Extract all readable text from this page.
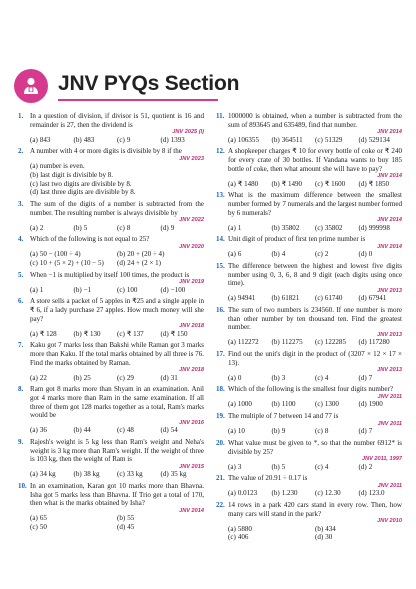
JNV PYQs Section
1. In a question of division, if divisor is 51, quotient is 16 and remainder is 27, then the dividend is
JNV 2025 (I)
(a) 843	(b) 483	(c) 9	(d) 1393
2. A number with 4 or more digits is divisible by 8 if the
JNV 2023
(a) number is even.
(b) last digit is divisible by 8.
(c) last two digits are divisible by 8.
(d) last three digits are divisible by 8.
3. The sum of the digits of a number is subtracted from the number. The resulting number is always divisible by
JNV 2022
(a) 2	(b) 5	(c) 8	(d) 9
4. Which of the following is not equal to 25?
JNV 2020
(a) 50 − (100 ÷ 4)	(b) 20 + (20 ÷ 4)
(c) 10 + (5 × 2) + (10 − 5)	(d) 24 + (2 × 1)
5. When −1 is multiplied by itself 100 times, the product is
JNV 2019
(a) 1	(b) −1	(c) 100	(d) −100
6. A store sells a packet of 5 apples in ₹25 and a single apple in ₹ 6, if a lady purchase 27 apples. How much money will she pay?
JNV 2018
(a) ₹ 128	(b) ₹ 130	(c) ₹ 137	(d) ₹ 150
7. Kaku got 7 marks less than Bakshi while Raman got 3 marks more than Kaku. If the total marks obtained by all three is 76. Find the marks obtained by Raman.
JNV 2018
(a) 22	(b) 25	(c) 29	(d) 31
8. Ram got 8 marks more than Shyam in an examination. Anil got 4 marks more than Ram in the same examination. If all three of them got 128 marks together as a total, Ram's marks would be
JNV 2016
(a) 36	(b) 44	(c) 48	(d) 54
9. Rajesh's weight is 5 kg less than Ram's weight and Neha's weight is 3 kg more than Ram's weight. If the weight of three is 103 kg, then the weight of Ram is
JNV 2015
(a) 34 kg	(b) 38 kg	(c) 33 kg	(d) 35 kg
10. In an examination, Karan got 10 marks more than Bhavna. Isha got 5 marks less than Bhavna. If Trio get a total of 170, then what is the marks obtained by Isha?
JNV 2014
(a) 65	(b) 55
(c) 50	(d) 45
11. 1000000 is obtained, when a number is subtracted from the sum of 893645 and 635489, find that number.
JNV 2014
(a) 106355	(b) 364511	(c) 51329	(d) 529134
12. A shopkeeper charges ₹ 10 for every bottle of coke or ₹ 240 for every crate of 30 bottles. If Vandana wants to buy 185 bottle of coke, then what amount she will have to pay?
JNV 2014
(a) ₹ 1480	(b) ₹ 1490	(c) ₹ 1600	(d) ₹ 1850
13. What is the maximum difference between the smallest number formed by 7 numerals and the largest number formed by 6 numerals?
JNV 2014
(a) 1	(b) 35802	(c) 35802	(d) 999998
14. Unit digit of product of first ten prime number is
JNV 2014
(a) 6	(b) 4	(c) 2	(d) 0
15. The difference between the highest and lowest five digits number using 0, 3, 6, 8 and 9 digit (each digits using once time).
JNV 2013
(a) 94941	(b) 61821	(c) 61740	(d) 67941
16. The sum of two numbers is 234560. If one number is more than other number by ten thousand ten. Find the greatest number.
JNV 2013
(a) 112272	(b) 112275	(c) 122285	(d) 117280
17. Find out the unit's digit in the product of (3207 × 12 × 17 × 13).
JNV 2013
(a) 0	(b) 3	(c) 4	(d) 7
18. Which of the following is the smallest four digits number?
JNV 2011
(a) 1000	(b) 1100	(c) 1300	(d) 1900
19. The multiple of 7 between 14 and 77 is
JNV 2011
(a) 10	(b) 9	(c) 8	(d) 7
20. What value must be given to *, so that the number 6912* is divisible by 25?
JNV 2011, 1997
(a) 3	(b) 5	(c) 4	(d) 2
21. The value of 20.91 ÷ 0.17 is
JNV 2011
(a) 0.0123	(b) 1.230	(c) 12.30	(d) 123.0
22. 14 rows in a park 420 cars stand in every row. Then, how many cars will stand in the park?
JNV 2010
(a) 5880	(b) 434
(c) 406	(d) 30
